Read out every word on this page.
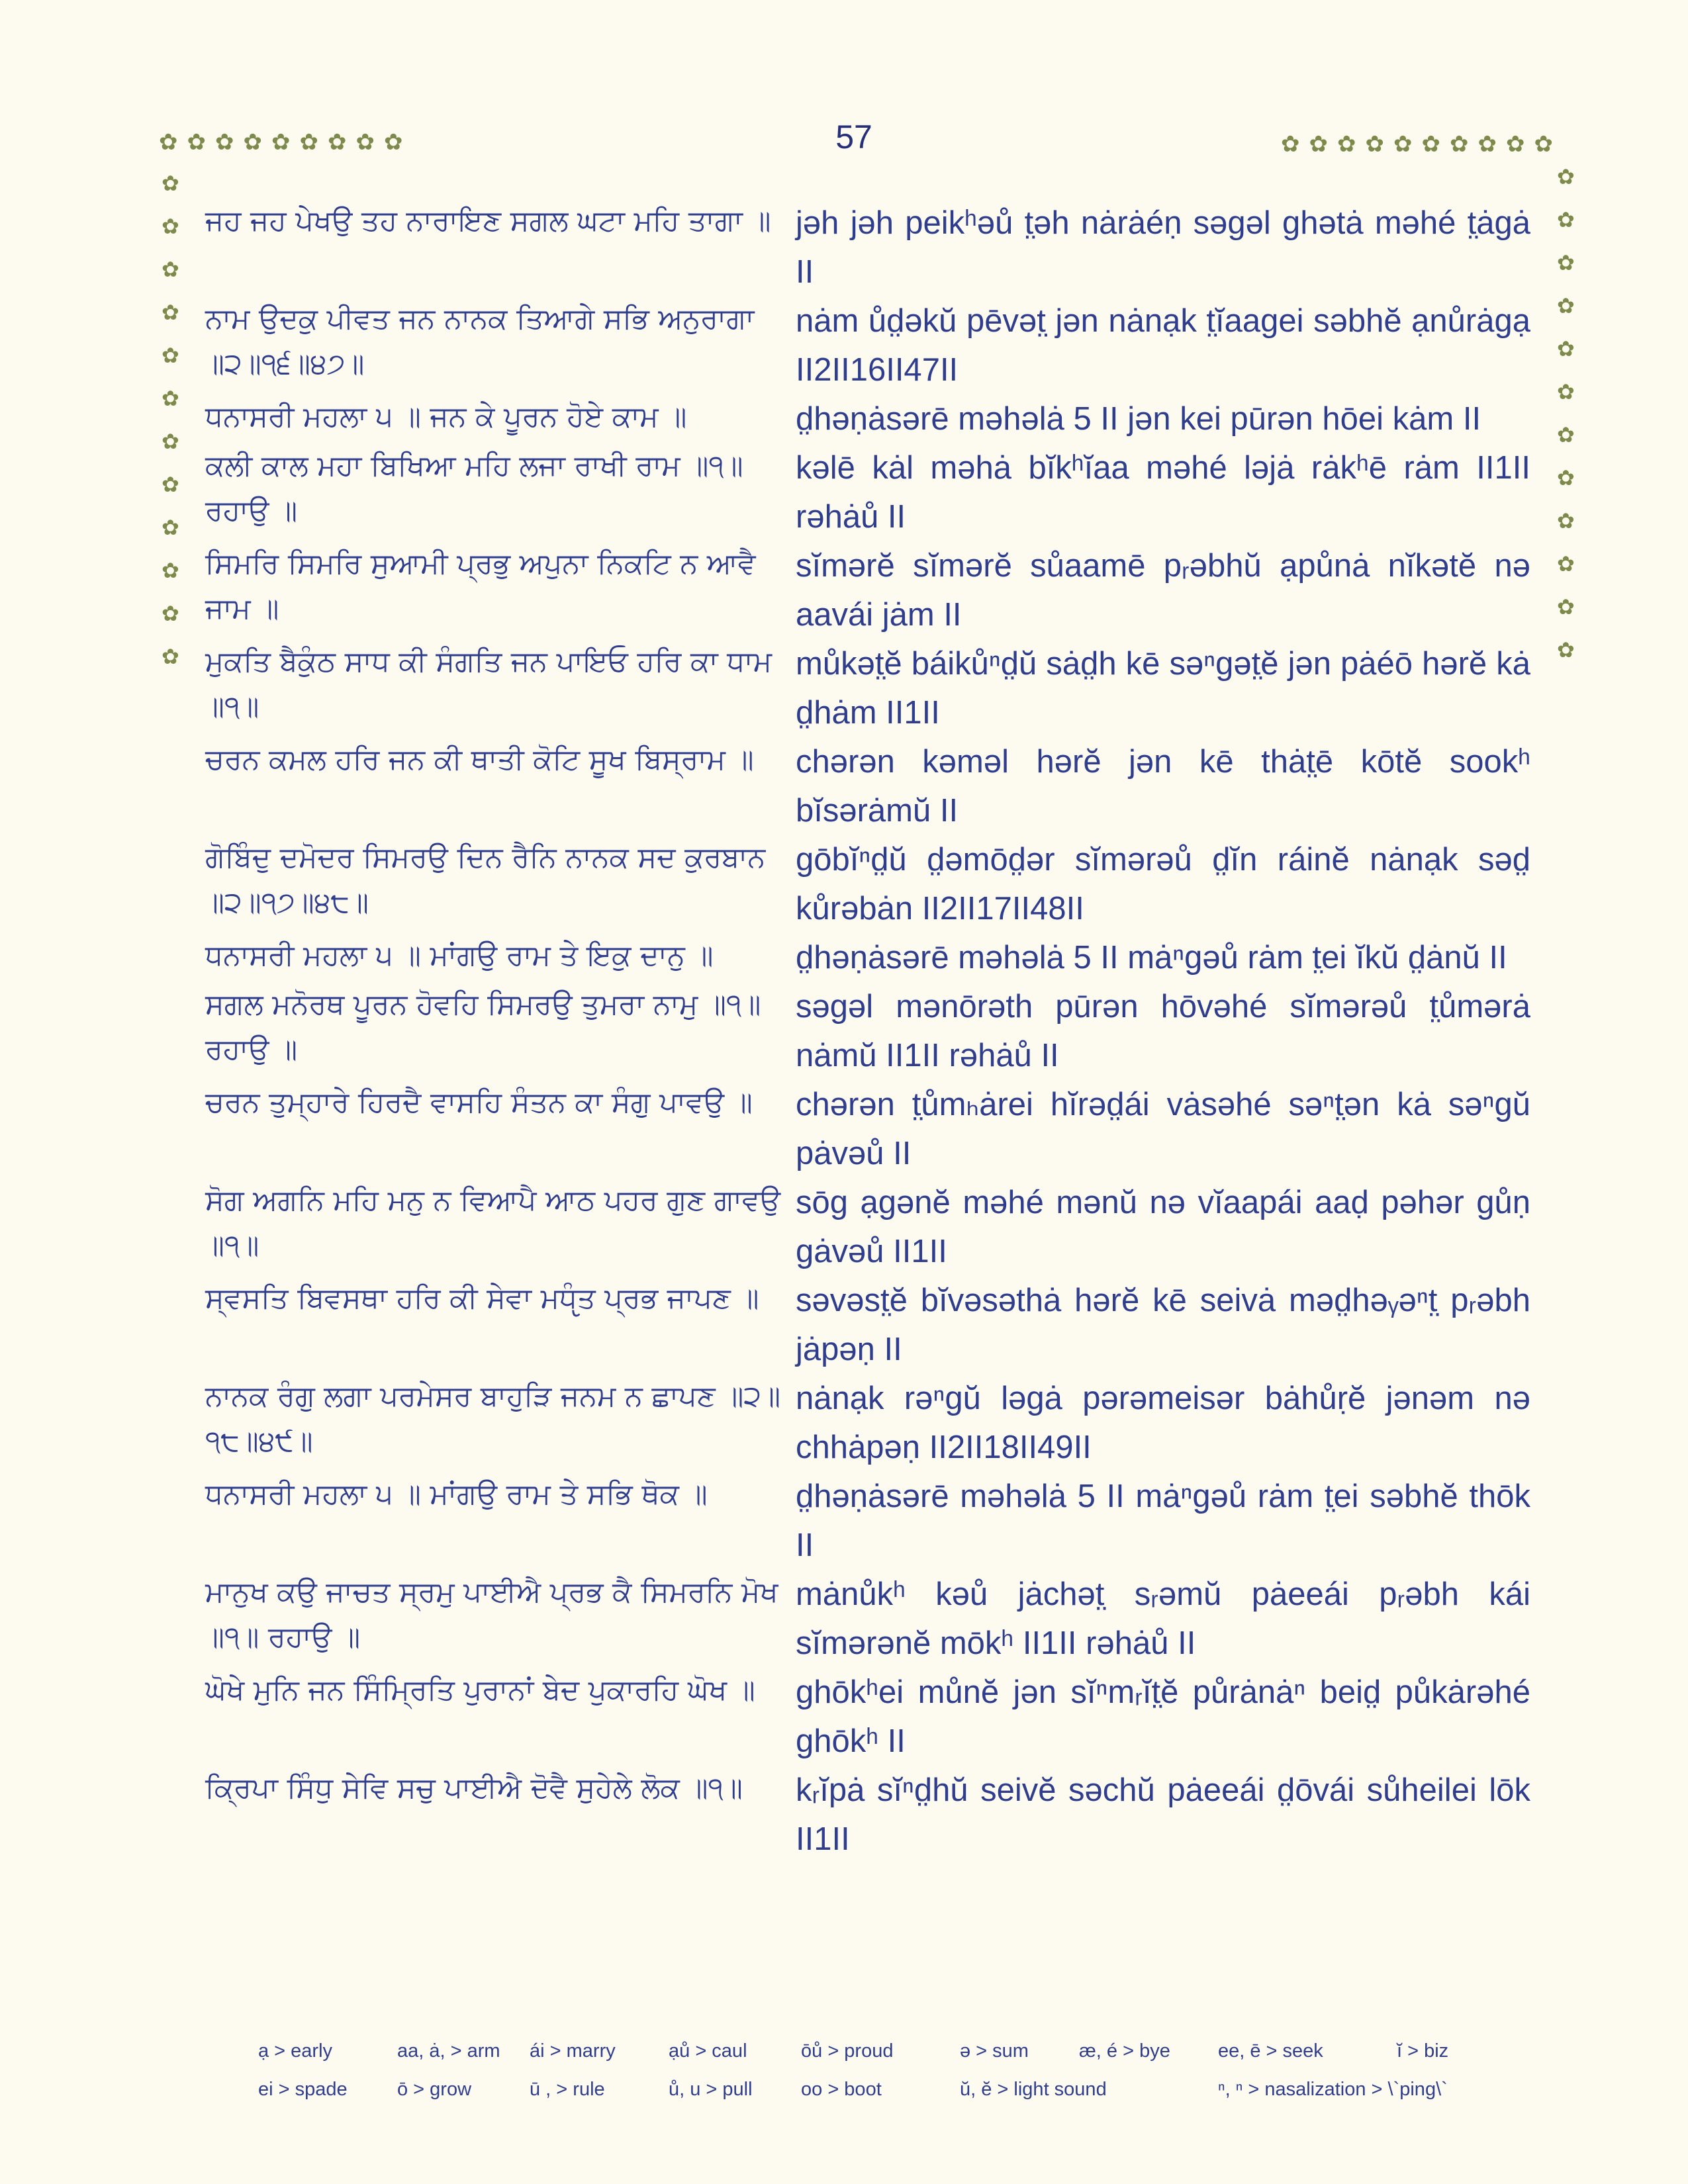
57
✿ ✿ ✿ ✿ ✿ ✿ ✿ ✿ ✿	✿ ✿ ✿ ✿ ✿ ✿ ✿ ✿ ✿ ✿
✿
✿
✿
✿
✿
✿
✿
✿
✿
✿
✿
✿
✿
✿
✿
✿
✿
✿
✿
✿
✿
✿
✿
✿
ਜਹ ਜਹ ਪੇਖਉ ਤਹ ਨਾਰਾਇਣ ਸਗਲ ਘਟਾ ਮਹਿ ਤਾਗਾ ॥ jəh jəh peikʰəů t̤əh nȧrȧéṇ səgəl ghətȧ məhé t̤ȧgȧ II
ਨਾਮ ਉਦਕੁ ਪੀਵਤ ਜਨ ਨਾਨਕ ਤਿਆਗੇ ਸਭਿ ਅਨੁਰਾਗਾ ॥੨॥੧੬॥੪੭॥
nȧm ůd̤əkŭ pēvət̤ jən nȧnạk t̤ĭaagei səbhĕ ạnůrȧgạ II2II16II47II
ਧਨਾਸਰੀ ਮਹਲਾ ੫ ॥ ਜਨ ਕੇ ਪੂਰਨ ਹੋਏ ਕਾਮ ॥	d̤həṇȧsərē məhəlȧ 5 II jən kei pūrən hōei kȧm II
ਕਲੀ ਕਾਲ ਮਹਾ ਬਿਖਿਆ ਮਹਿ ਲਜਾ ਰਾਖੀ ਰਾਮ ॥੧॥ ਰਹਾਉ ॥
kəlē kȧl məhȧ bĭkʰĭaa məhé ləjȧ rȧkʰē rȧm II1II rəhȧů II
ਸਿਮਰਿ ਸਿਮਰਿ ਸੁਆਮੀ ਪ੍ਰਭੁ ਅਪੁਨਾ ਨਿਕਟਿ ਨ ਆਵੈ ਜਾਮ ॥
sĭmərĕ sĭmərĕ sůaamē pᵣəbhŭ ạpůnȧ nĭkətĕ nə aavái jȧm II
ਮੁਕਤਿ ਬੈਕੁੰਠ ਸਾਧ ਕੀ ਸੰਗਤਿ ਜਨ ਪਾਇਓ ਹਰਿ ਕਾ ਧਾਮ ॥੧॥
můkət̤ĕ báikůⁿd̤ŭ sȧd̤h kē səⁿgət̤ĕ jən pȧéō hərĕ kȧ d̤hȧm II1II
ਚਰਨ ਕਮਲ ਹਰਿ ਜਨ ਕੀ ਥਾਤੀ ਕੋਟਿ ਸੂਖ ਬਿਸ੍ਰਾਮ ॥	chərən kəməl hərĕ jən kē thȧt̤ē kōtĕ sookʰ bĭsərȧmŭ II
ਗੋਬਿੰਦੁ ਦਮੋਦਰ ਸਿਮਰਉ ਦਿਨ ਰੈਨਿ ਨਾਨਕ ਸਦ ਕੁਰਬਾਨ ॥੨॥੧੭॥੪੮॥
gōbĭⁿd̤ŭ d̤əmōd̤ər sĭmərəů d̤ĭn ráinĕ nȧnạk səd̤ kůrəbȧn II2II17II48II
ਧਨਾਸਰੀ ਮਹਲਾ ੫ ॥ ਮਾਂਗਉ ਰਾਮ ਤੇ ਇਕੁ ਦਾਨੁ ॥	d̤həṇȧsərē məhəlȧ 5 II mȧⁿgəů rȧm t̤ei ĭkŭ d̤ȧnŭ II
ਸਗਲ ਮਨੋਰਥ ਪੂਰਨ ਹੋਵਹਿ ਸਿਮਰਉ ਤੁਮਰਾ ਨਾਮੁ ॥੧॥ ਰਹਾਉ ॥
səgəl mənōrəth pūrən hōvəhé sĭmərəů t̤ůmərȧ nȧmŭ II1II rəhȧů II
ਚਰਨ ਤੁਮ੍ਹਾਰੇ ਹਿਰਦੈ ਵਾਸਹਿ ਸੰਤਨ ਕਾ ਸੰਗੁ ਪਾਵਉ ॥	chərən t̤ůmₕȧrei hĭrəd̤ái vȧsəhé səⁿt̤ən kȧ səⁿgŭ pȧvəů II
ਸੋਗ ਅਗਨਿ ਮਹਿ ਮਨੁ ਨ ਵਿਆਪੈ ਆਠ ਪਹਰ ਗੁਣ ਗਾਵਉ ॥੧॥
sōg ạgənĕ məhé mənŭ nə vĭaapái aaḍ pəhər gůṇ gȧvəů II1II
ਸ੍ਵਸਤਿ ਬਿਵਸਥਾ ਹਰਿ ਕੀ ਸੇਵਾ ਮਧੵੰਤ ਪ੍ਰਭ ਜਾਪਣ ॥	səvəst̤ĕ bĭvəsəthȧ hərĕ kē seivȧ məd̤həᵧəⁿt̤ pᵣəbh jȧpəṇ II
ਨਾਨਕ ਰੰਗੁ ਲਗਾ ਪਰਮੇਸਰ ਬਾਹੁੜਿ ਜਨਮ ਨ ਛਾਪਣ ॥੨॥੧੮॥੪੯॥
nȧnạk rəⁿgŭ ləgȧ pərəmeisər bȧhůṛĕ jənəm nə chhȧpəṇ II2II18II49II
ਧਨਾਸਰੀ ਮਹਲਾ ੫ ॥ ਮਾਂਗਉ ਰਾਮ ਤੇ ਸਭਿ ਥੋਕ ॥	d̤həṇȧsərē məhəlȧ 5 II mȧⁿgəů rȧm t̤ei səbhĕ thōk II
ਮਾਨੁਖ ਕਉ ਜਾਚਤ ਸ੍ਰਮੁ ਪਾਈਐ ਪ੍ਰਭ ਕੈ ਸਿਮਰਨਿ ਮੋਖ ॥੧॥ ਰਹਾਉ ॥
mȧnůkʰ kəů jȧchət̤ sᵣəmŭ pȧeeái pᵣəbh kái sĭmərənĕ mōkʰ II1II rəhȧů II
ਘੋਖੇ ਮੁਨਿ ਜਨ ਸਿੰਮ੍ਰਿਤਿ ਪੁਰਾਨਾਂ ਬੇਦ ਪੁਕਾਰਹਿ ਘੋਖ ॥	ghōkʰei můnĕ jən sĭⁿmᵣĭt̤ĕ půrȧnȧⁿ beid̤ půkȧrəhé ghōkʰ II
ਕ੍ਰਿਪਾ ਸਿੰਧੁ ਸੇਵਿ ਸਚੁ ਪਾਈਐ ਦੋਵੈ ਸੁਹੇਲੇ ਲੋਕ ॥੧॥	kᵣĭpȧ sĭⁿd̤hŭ seivĕ səchŭ pȧeeái d̤ōvái sůheilei lōk II1II
ạ > early	aa, ȧ, > arm	ái > marry	ạů > caul	ōů > proud	ə > sum	æ, é > bye	ee, ē > seek	ĭ > biz
ei > spade	ō > grow	ū , > rule	ů, u > pull	oo > boot	ŭ, ĕ > light sound	ⁿ, ⁿ > nasalization > \`ping\`
